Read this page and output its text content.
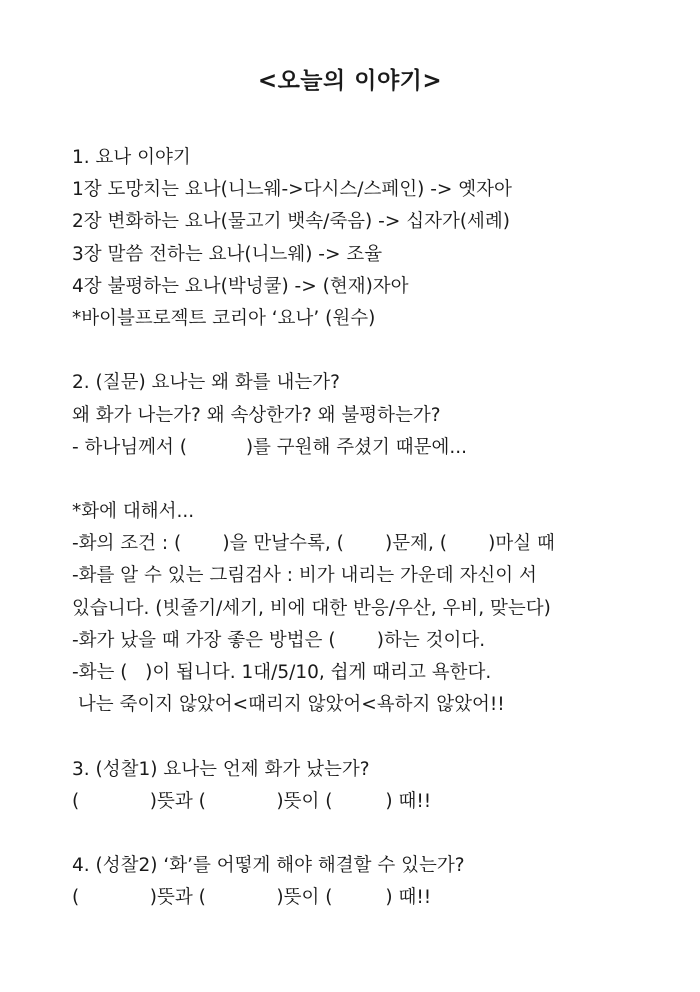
<오늘의 이야기>
1. 요나 이야기
1장 도망치는 요나(니느웨->다시스/스페인) -> 옛자아
2장 변화하는 요나(물고기 뱃속/죽음) -> 십자가(세례)
3장 말씀 전하는 요나(니느웨) -> 조율
4장 불평하는 요나(박넝쿨) -> (현재)자아
*바이블프로젝트 코리아 ‘요나’ (원수)
2. (질문) 요나는 왜 화를 내는가?
왜 화가 나는가? 왜 속상한가? 왜 불평하는가?
- 하나님께서 (          )를 구원해 주셨기 때문에...
*화에 대해서...
-화의 조건 : (       )을 만날수록, (       )문제, (       )마실 때
-화를 알 수 있는 그림검사 : 비가 내리는 가운데 자신이 서
있습니다. (빗줄기/세기, 비에 대한 반응/우산, 우비, 맞는다)
-화가 났을 때 가장 좋은 방법은 (       )하는 것이다.
-화는 (   )이 됩니다. 1대/5/10, 쉽게 때리고 욕한다.
나는 죽이지 않았어<때리지 않았어<욕하지 않았어!!
3. (성찰1) 요나는 언제 화가 났는가?
(            )뜻과 (            )뜻이 (         ) 때!!
4. (성찰2) ‘화’를 어떻게 해야 해결할 수 있는가?
(            )뜻과 (            )뜻이 (         ) 때!!
